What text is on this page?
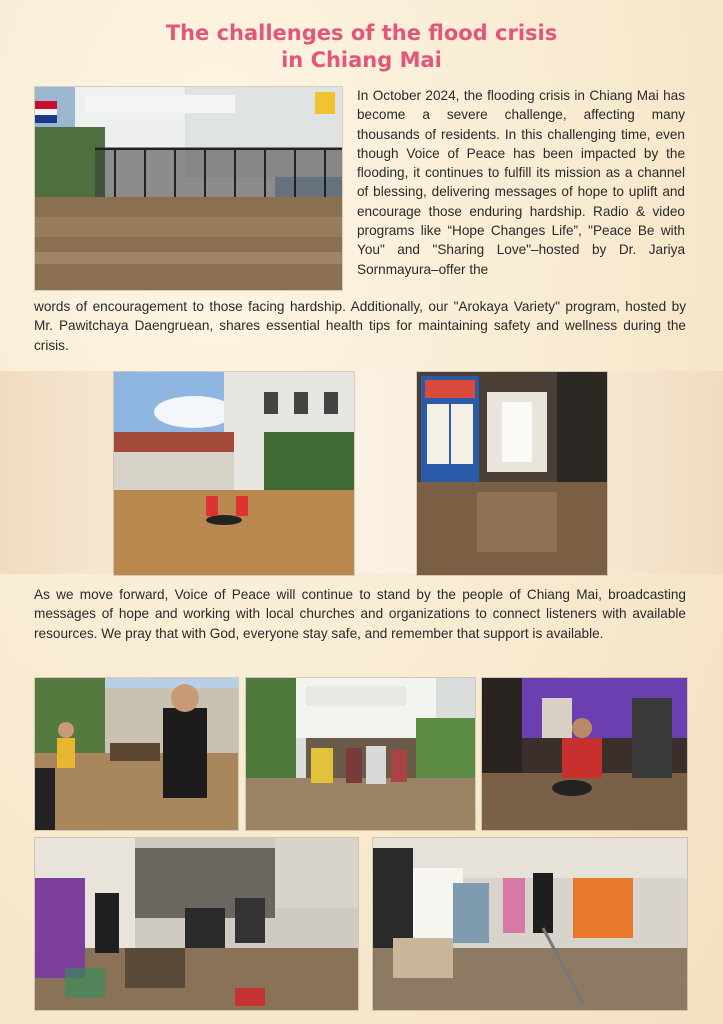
The challenges of the flood crisis
in Chiang Mai

In October 2024, the flooding crisis in Chiang Mai has become a severe challenge, affecting many thousands of residents. In this challenging time, even though Voice of Peace has been impacted by the flooding, it continues to fulfill its mission as a channel of blessing, delivering messages of hope to uplift and encourage those enduring hardship. Radio & video programs like “Hope Changes Life”, "Peace Be with You" and "Sharing Love"–hosted by Dr. Jariya Sornmayura–offer the

words of encouragement to those facing hardship. Additionally, our "Arokaya Variety" program, hosted by Mr. Pawitchaya Daengruean, shares essential health tips for maintaining safety and wellness during the crisis.

As we move forward, Voice of Peace will continue to stand by the people of Chiang Mai, broadcasting messages of hope and working with local churches and organizations to connect listeners with available resources. We pray that with God, everyone stay safe, and remember that support is available.
